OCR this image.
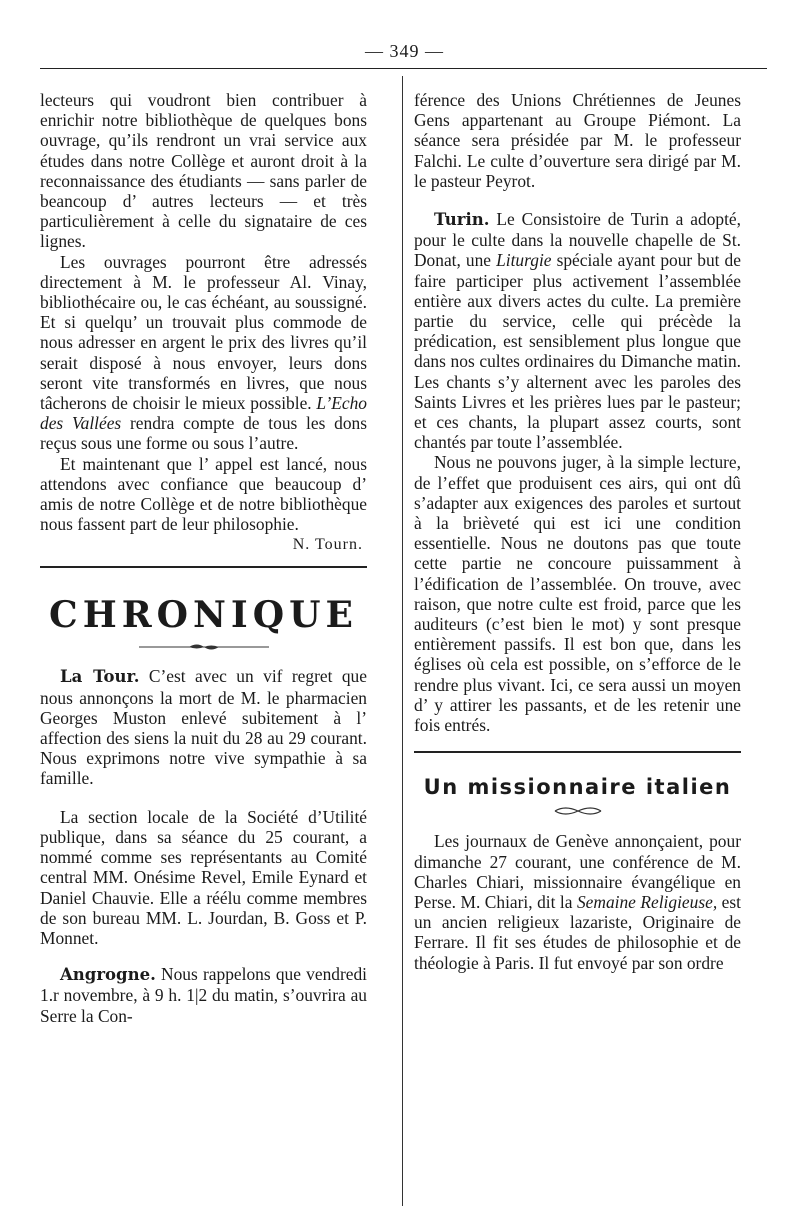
— 349 —

lecteurs qui voudront bien contribuer à enrichir notre bibliothèque de quelques bons ouvrage, qu’ils rendront un vrai service aux études dans notre Collège et auront droit à la reconnaissance des étudiants — sans parler de beancoup d’ autres lecteurs — et très particulièrement à celle du signataire de ces lignes.

Les ouvrages pourront être adressés directement à M. le professeur Al. Vinay, bibliothécaire ou, le cas échéant, au soussigné. Et si quelqu’ un trouvait plus commode de nous adresser en argent le prix des livres qu’il serait disposé à nous envoyer, leurs dons seront vite transformés en livres, que nous tâcherons de choisir le mieux possible. L’Echo des Vallées rendra compte de tous les dons reçus sous une forme ou sous l’autre.

Et maintenant que l’ appel est lancé, nous attendons avec confiance que beaucoup d’ amis de notre Collège et de notre bibliothèque nous fassent part de leur philosophie.

N. Tourn.
CHRONIQUE

La Tour. C’est avec un vif regret que nous annonçons la mort de M. le pharmacien Georges Muston enlevé subitement à l’ affection des siens la nuit du 28 au 29 courant. Nous exprimons notre vive sympathie à sa famille.

La section locale de la Société d’Utilité publique, dans sa séance du 25 courant, a nommé comme ses représentants au Comité central MM. Onésime Revel, Emile Eynard et Daniel Chauvie. Elle a réélu comme membres de son bureau MM. L. Jourdan, B. Goss et P. Monnet.

Angrogne. Nous rappelons que vendredi 1.r novembre, à 9 h. 1|2 du matin, s’ouvrira au Serre la Con-

férence des Unions Chrétiennes de Jeunes Gens appartenant au Groupe Piémont. La séance sera présidée par M. le professeur Falchi. Le culte d’ouverture sera dirigé par M. le pasteur Peyrot.

Turin. Le Consistoire de Turin a adopté, pour le culte dans la nouvelle chapelle de St. Donat, une Liturgie spéciale ayant pour but de faire participer plus activement l’assemblée entière aux divers actes du culte. La première partie du service, celle qui précède la prédication, est sensiblement plus longue que dans nos cultes ordinaires du Dimanche matin. Les chants s’y alternent avec les paroles des Saints Livres et les prières lues par le pasteur; et ces chants, la plupart assez courts, sont chantés par toute l’assemblée.

Nous ne pouvons juger, à la simple lecture, de l’effet que produisent ces airs, qui ont dû s’adapter aux exigences des paroles et surtout à la brièveté qui est ici une condition essentielle. Nous ne doutons pas que toute cette partie ne concoure puissamment à l’édification de l’assemblée. On trouve, avec raison, que notre culte est froid, parce que les auditeurs (c’est bien le mot) y sont presque entièrement passifs. Il est bon que, dans les églises où cela est possible, on s’efforce de le rendre plus vivant. Ici, ce sera aussi un moyen d’ y attirer les passants, et de les retenir une fois entrés.

Un missionnaire italien

Les journaux de Genève annonçaient, pour dimanche 27 courant, une conférence de M. Charles Chiari, missionnaire évangélique en Perse. M. Chiari, dit la Semaine Religieuse, est un ancien religieux lazariste, Originaire de Ferrare. Il fit ses études de philosophie et de théologie à Paris. Il fut envoyé par son ordre
